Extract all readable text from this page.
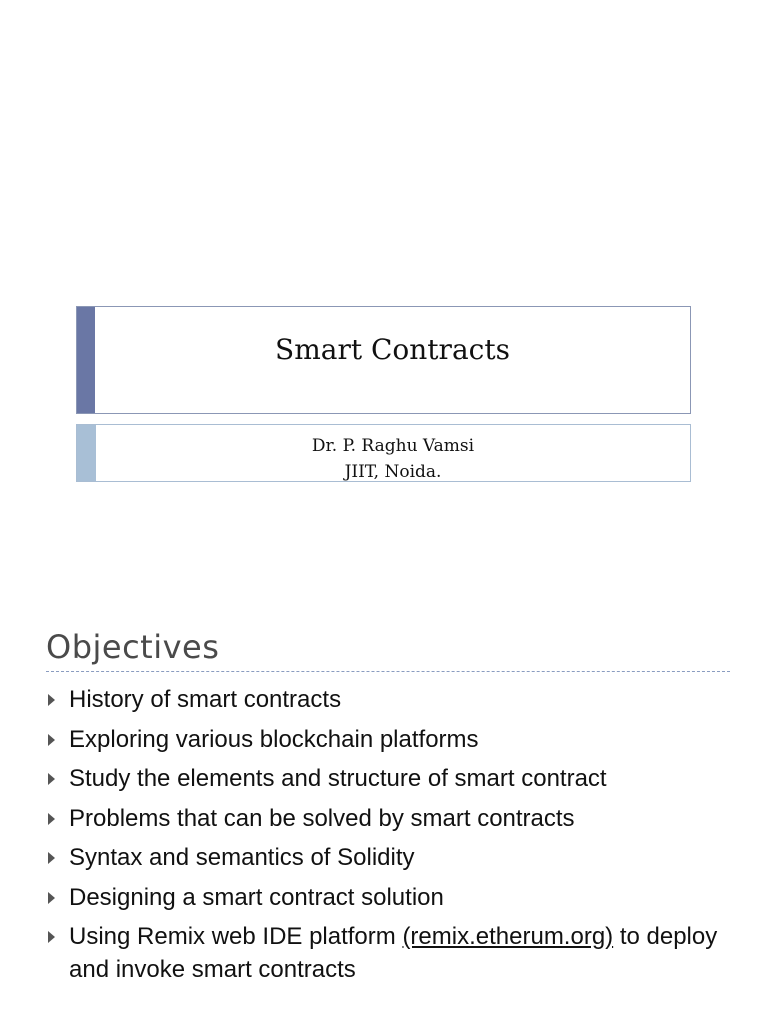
Smart Contracts
Dr. P. Raghu Vamsi
JIIT, Noida.
Objectives
History of smart contracts
Exploring various blockchain platforms
Study the elements and structure of smart contract
Problems that can be solved by smart contracts
Syntax and semantics of Solidity
Designing a smart contract solution
Using Remix web IDE platform (remix.etherum.org) to deploy and invoke smart contracts
